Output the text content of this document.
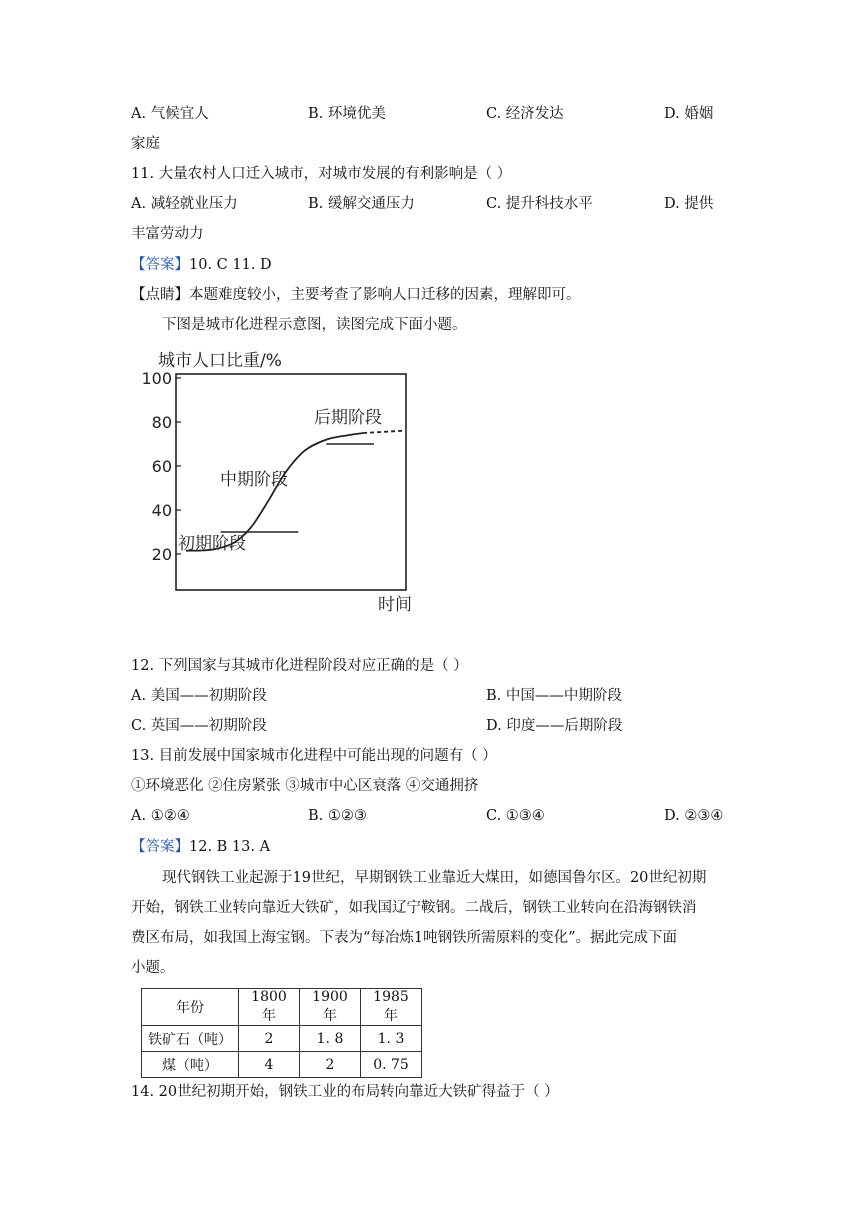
A. 气候宜人	B. 环境优美	C. 经济发达	D. 婚姻
家庭
11. 大量农村人口迁入城市，对城市发展的有利影响是（ ）
A. 减轻就业压力	B. 缓解交通压力	C. 提升科技水平	D. 提供
丰富劳动力
【答案】10. C 11. D
【点睛】本题难度较小，主要考查了影响人口迁移的因素，理解即可。
下图是城市化进程示意图，读图完成下面小题。
城市人口比重/%
100
80
60
40
20
初期阶段
中期阶段
后期阶段
时间
12. 下列国家与其城市化进程阶段对应正确的是（ ）
A. 美国——初期阶段	B. 中国——中期阶段
C. 英国——初期阶段	D. 印度——后期阶段
13. 目前发展中国家城市化进程中可能出现的问题有（ ）
①环境恶化 ②住房紧张 ③城市中心区衰落 ④交通拥挤
A. ①②④	B. ①②③	C. ①③④	D. ②③④
【答案】12. B 13. A
现代钢铁工业起源于19世纪，早期钢铁工业靠近大煤田，如德国鲁尔区。20世纪初期
开始，钢铁工业转向靠近大铁矿，如我国辽宁鞍钢。二战后，钢铁工业转向在沿海钢铁消
费区布局，如我国上海宝钢。下表为“每冶炼1吨钢铁所需原料的变化”。据此完成下面
小题。
年份	1800 年	1900 年	1985 年
铁矿石（吨）	2	1. 8	1. 3
煤（吨）	4	2	0. 75
14. 20世纪初期开始，钢铁工业的布局转向靠近大铁矿得益于（ ）
